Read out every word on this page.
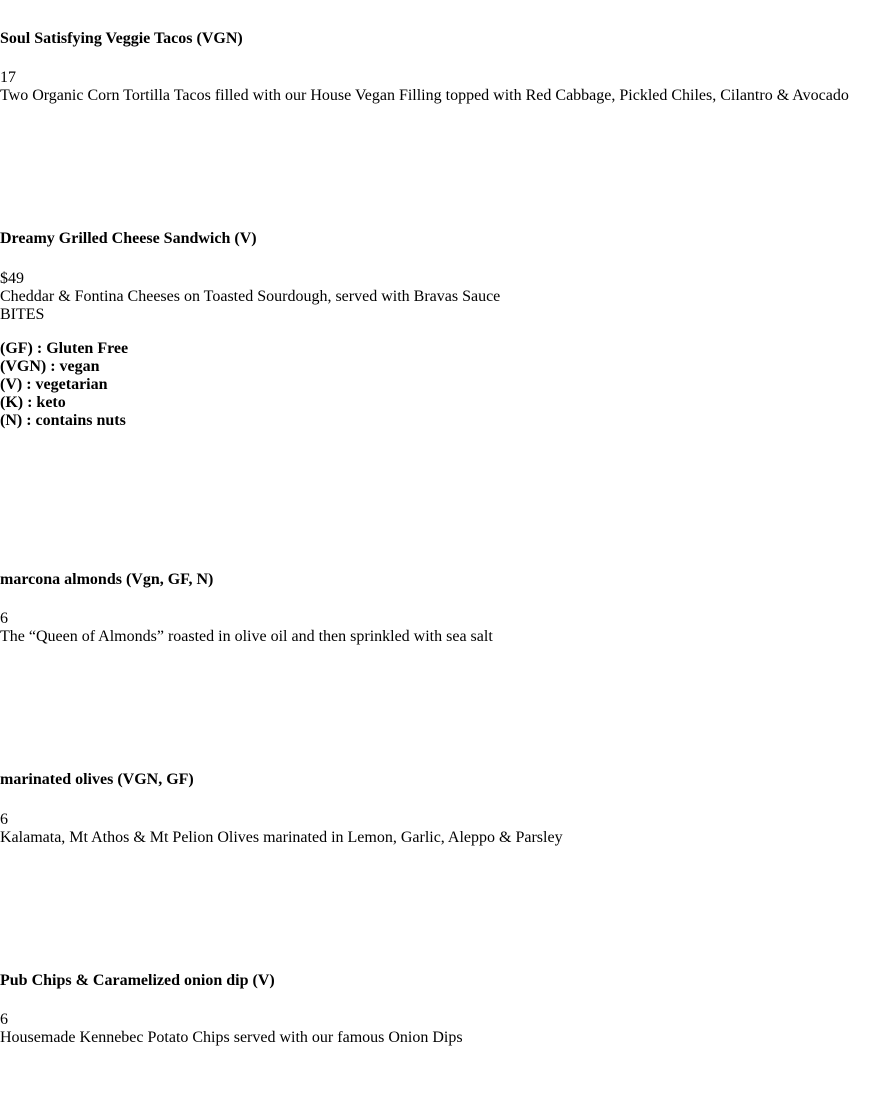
Soul Satisfying Veggie Tacos (VGN)
17
Two Organic Corn Tortilla Tacos filled with our House Vegan Filling topped with Red Cabbage, Pickled Chiles, Cilantro & Avocado
Dreamy Grilled Cheese Sandwich (V)
$49
Cheddar & Fontina Cheeses on Toasted Sourdough, served with Bravas Sauce
BITES
(GF) : Gluten Free
(VGN) : vegan
(V) : vegetarian
(K) : keto
(N) : contains nuts
marcona almonds (Vgn, GF, N)
6
The “Queen of Almonds” roasted in olive oil and then sprinkled with sea salt
marinated olives (VGN, GF)
6
Kalamata, Mt Athos & Mt Pelion Olives marinated in Lemon, Garlic, Aleppo & Parsley
Pub Chips & Caramelized onion dip (V)
6
Housemade Kennebec Potato Chips served with our famous Onion Dips
